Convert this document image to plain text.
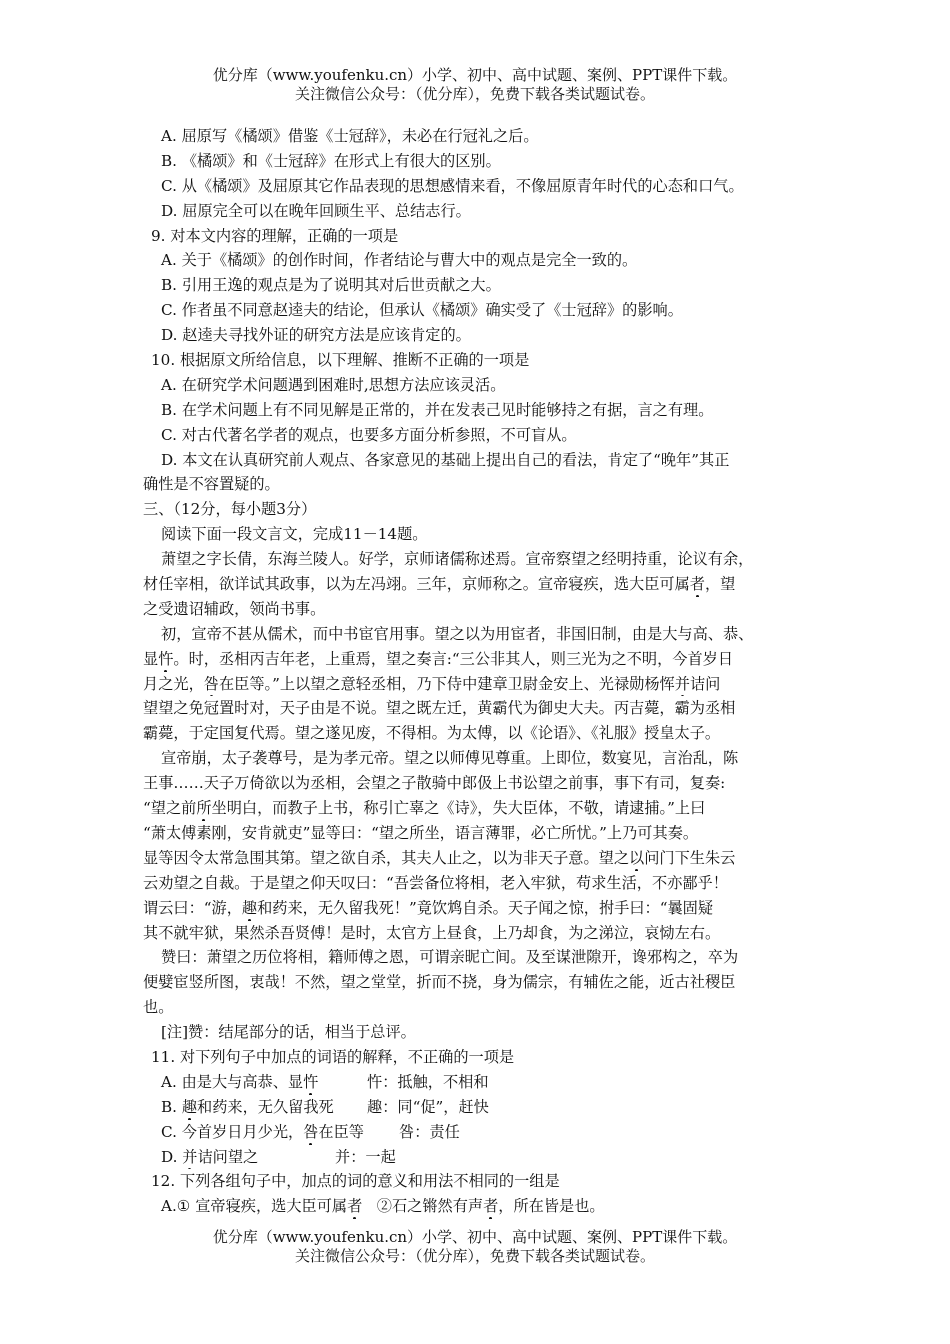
优分库（www.youfenku.cn）小学、初中、高中试题、案例、PPT课件下载。
关注微信公众号：（优分库），免费下载各类试题试卷。
A. 屈原写《橘颂》借鉴《士冠辞》，未必在行冠礼之后。
B. 《橘颂》和《士冠辞》在形式上有很大的区别。
C. 从《橘颂》及屈原其它作品表现的思想感情来看，不像屈原青年时代的心态和口气。
D. 屈原完全可以在晚年回顾生平、总结志行。
9. 对本文内容的理解，正确的一项是
A. 关于《橘颂》的创作时间，作者结论与曹大中的观点是完全一致的。
B. 引用王逸的观点是为了说明其对后世贡献之大。
C. 作者虽不同意赵逵夫的结论，但承认《橘颂》确实受了《士冠辞》的影响。
D. 赵逵夫寻找外证的研究方法是应该肯定的。
10. 根据原文所给信息，以下理解、推断不正确的一项是
A. 在研究学术问题遇到困难时,思想方法应该灵活。
B. 在学术问题上有不同见解是正常的，并在发表己见时能够持之有据，言之有理。
C. 对古代著名学者的观点，也要多方面分析参照，不可盲从。
D. 本文在认真研究前人观点、各家意见的基础上提出自己的看法，肯定了“晚年”其正
确性是不容置疑的。
三、（12分，每小题3分）
阅读下面一段文言文，完成11－14题。
萧望之字长倩，东海兰陵人。好学，京师诸儒称述焉。宣帝察望之经明持重，论议有余，
材任宰相，欲详试其政事，以为左冯翊。三年，京师称之。宣帝寝疾，选大臣可属者，望
之受遗诏辅政，领尚书事。
初，宣帝不甚从儒术，而中书宦官用事。望之以为用宦者，非国旧制，由是大与高、恭、
显忤。时，丞相丙吉年老，上重焉，望之奏言:“三公非其人，则三光为之不明，今首岁日
月之光，咎在臣等。”上以望之意轻丞相，乃下侍中建章卫尉金安上、光禄勋杨恽并诘问
望望之免冠置时对，天子由是不说。望之既左迁，黄霸代为御史大夫。丙吉薨，霸为丞相
霸薨，于定国复代焉。望之遂见废，不得相。为太傅，以《论语》、《礼服》授皇太子。
宣帝崩，太子袭尊号，是为孝元帝。望之以师傅见尊重。上即位，数宴见，言治乱，陈
王事……天子万倚欲以为丞相，会望之子散骑中郎伋上书讼望之前事，事下有司，复奏:
“望之前所坐明白，而教子上书，称引亡辜之《诗》，失大臣体，不敬，请逮捕。”上曰
“萧太傅素刚，安肯就吏”显等曰：“望之所坐，语言薄罪，必亡所忧。”上乃可其奏。
显等因令太常急围其第。望之欲自杀，其夫人止之，以为非天子意。望之以问门下生朱云
云劝望之自裁。于是望之仰天叹曰：“吾尝备位将相，老入牢狱，苟求生活，不亦鄙乎！
谓云曰：“游，趣和药来，无久留我死！”竟饮鸩自杀。天子闻之惊，拊手曰：“曩固疑
其不就牢狱，果然杀吾贤傅！是时，太官方上昼食，上乃却食，为之涕泣，哀恸左右。
赞曰：萧望之历位将相，籍师傅之恩，可谓亲昵亡间。及至谋泄隙开，谗邪构之，卒为
便嬖宦竖所图，衷哉！不然，望之堂堂，折而不挠，身为儒宗，有辅佐之能，近古社稷臣
也。
[注]赞：结尾部分的话，相当于总评。
11. 对下列句子中加点的词语的解释，不正确的一项是
A. 由是大与高恭、显忤	忤：抵触，不相和
B. 趣和药来，无久留我死 趣：同“促”，赶快
C. 今首岁日月少光，咎在臣等 咎：责任
D. 并诘问望之	并：一起
12. 下列各组句子中，加点的词的意义和用法不相同的一组是
A.① 宣帝寝疾，选大臣可属者   ②石之锵然有声者，所在皆是也。
优分库（www.youfenku.cn）小学、初中、高中试题、案例、PPT课件下载。
关注微信公众号：（优分库），免费下载各类试题试卷。
